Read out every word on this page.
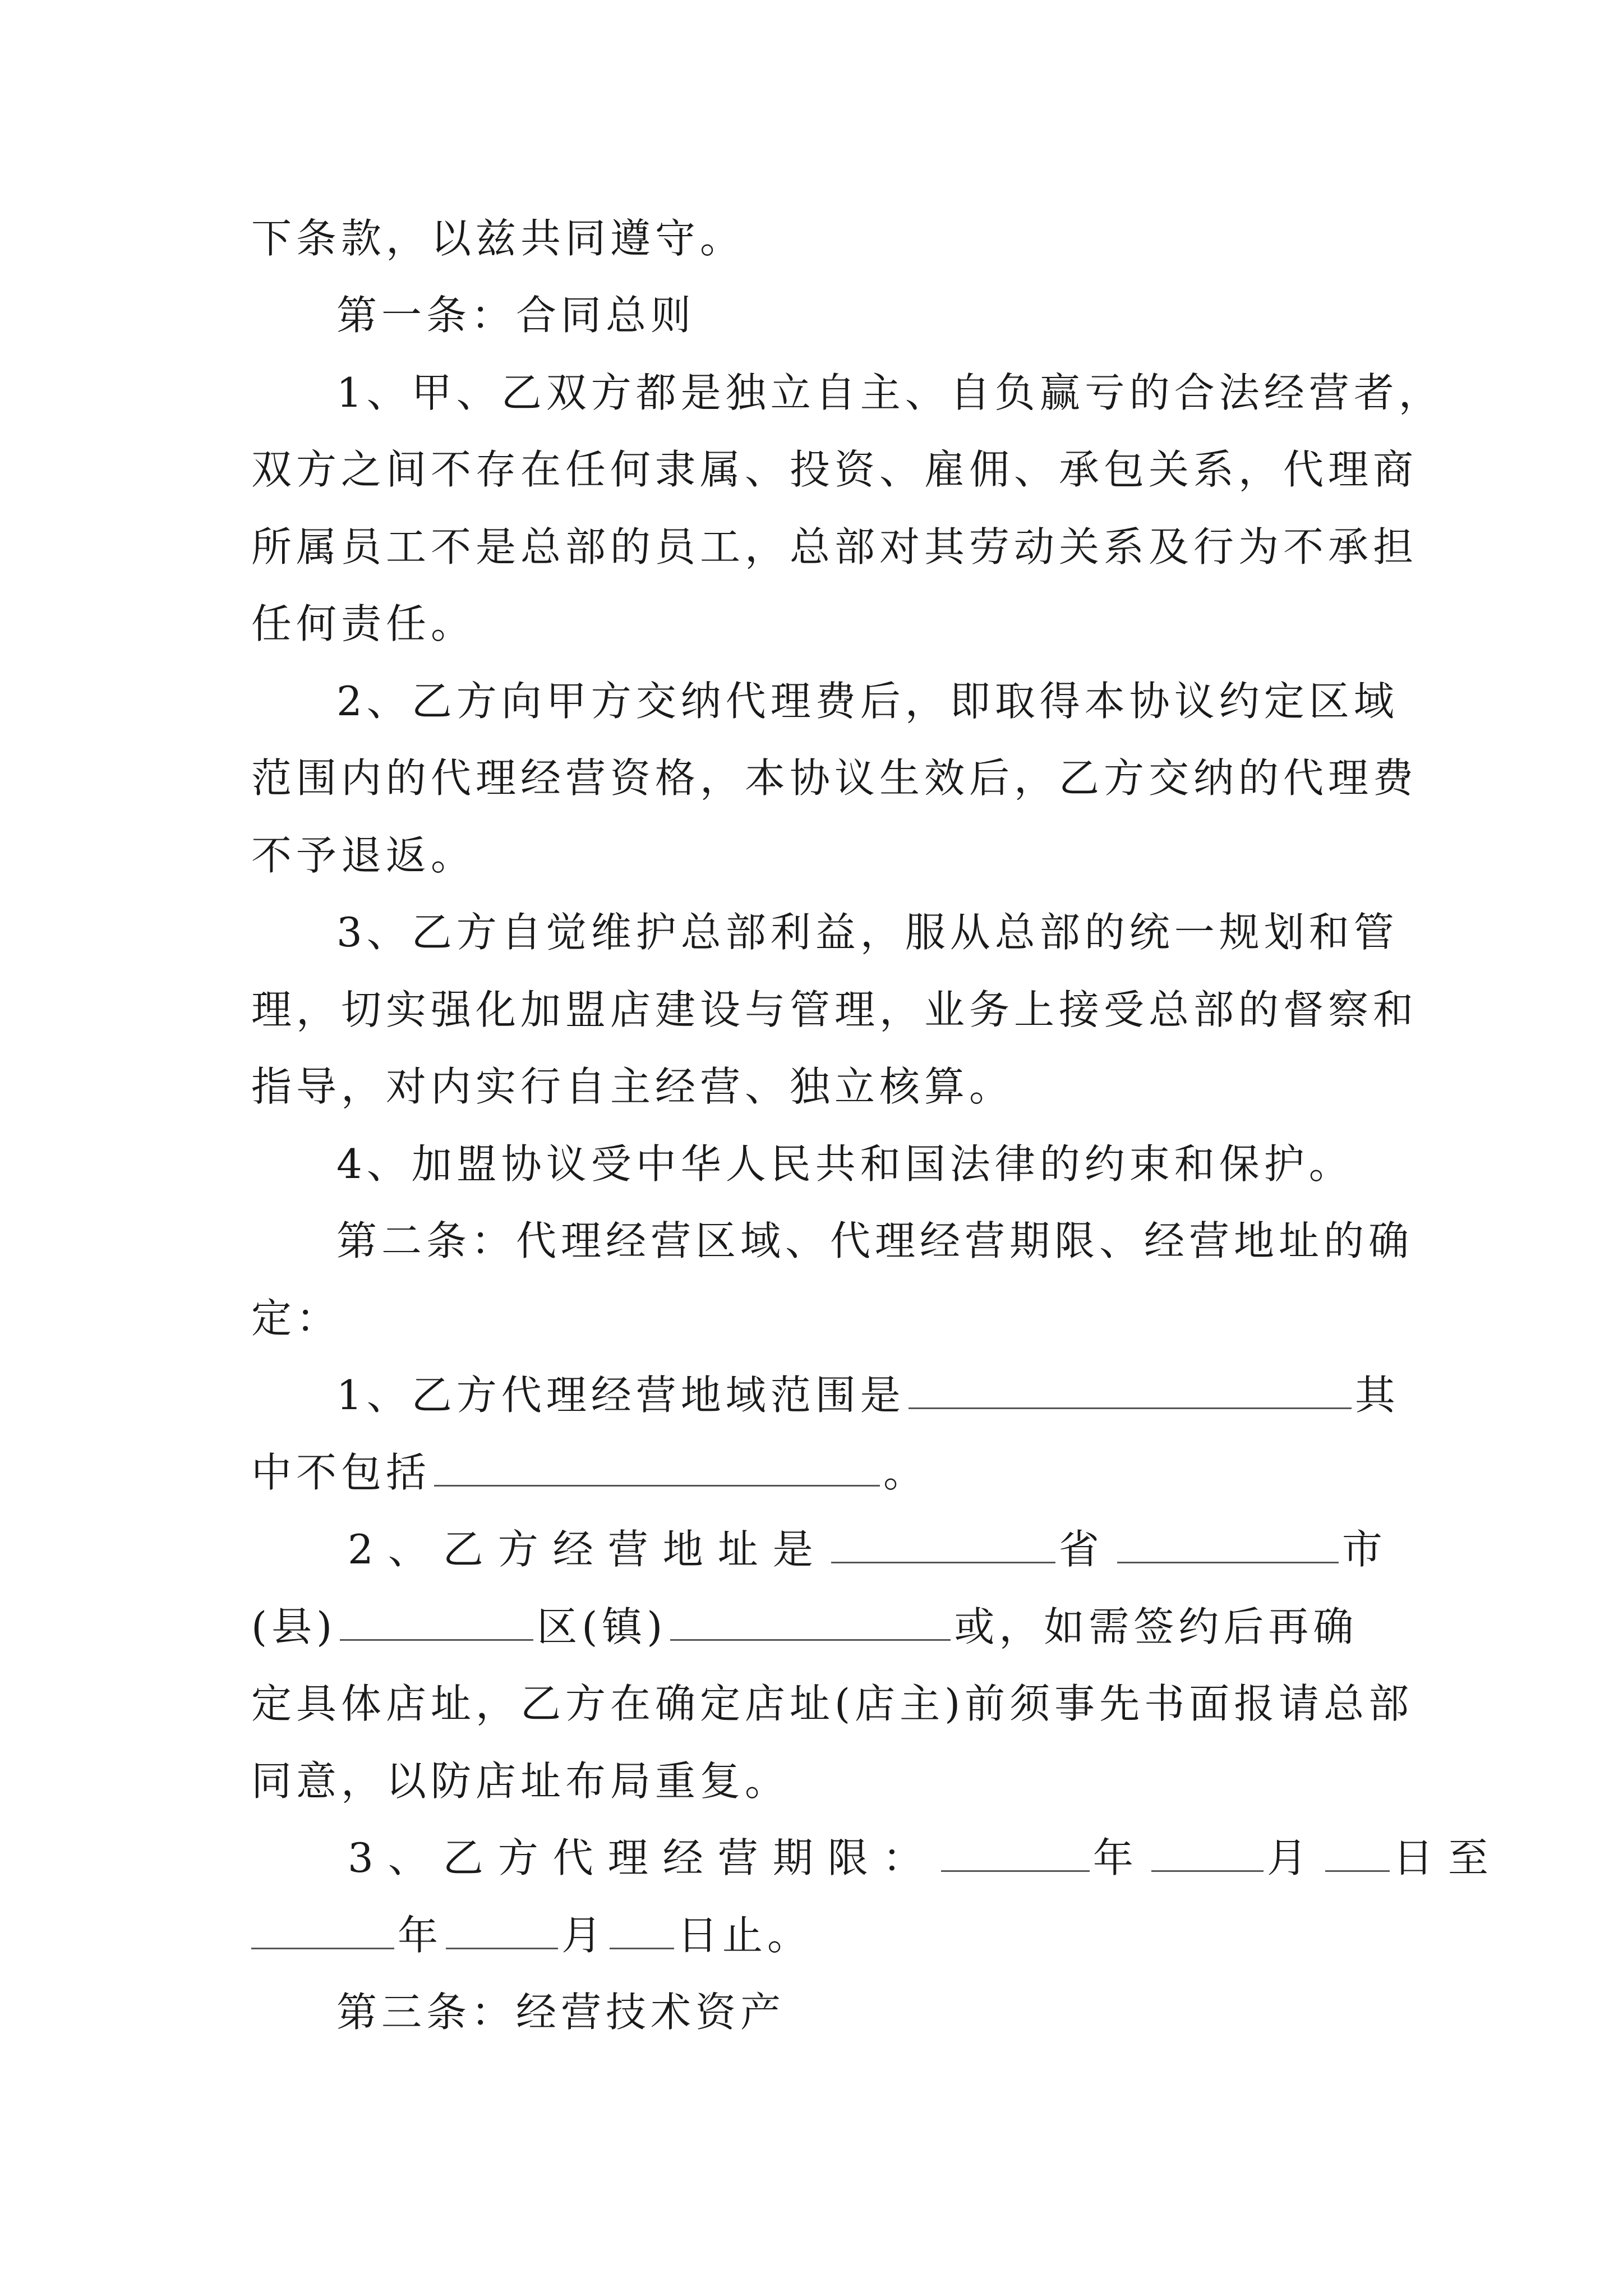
下条款，以兹共同遵守。
第一条：合同总则
1、甲、乙双方都是独立自主、自负赢亏的合法经营者，
双方之间不存在任何隶属、投资、雇佣、承包关系，代理商
所属员工不是总部的员工，总部对其劳动关系及行为不承担
任何责任。
2、乙方向甲方交纳代理费后，即取得本协议约定区域
范围内的代理经营资格，本协议生效后，乙方交纳的代理费
不予退返。
3、乙方自觉维护总部利益，服从总部的统一规划和管
理，切实强化加盟店建设与管理，业务上接受总部的督察和
指导，对内实行自主经营、独立核算。
4、加盟协议受中华人民共和国法律的约束和保护。
第二条：代理经营区域、代理经营期限、经营地址的确
定：
1、乙方代理经营地域范围是	其
中不包括	。
2、乙方经营地址是	省	市
(县)	区(镇)	或，如需签约后再确
定具体店址，乙方在确定店址(店主)前须事先书面报请总部
同意，以防店址布局重复。
3、乙方代理经营期限：	年	月 日至
年	月 日止。
第三条：经营技术资产
